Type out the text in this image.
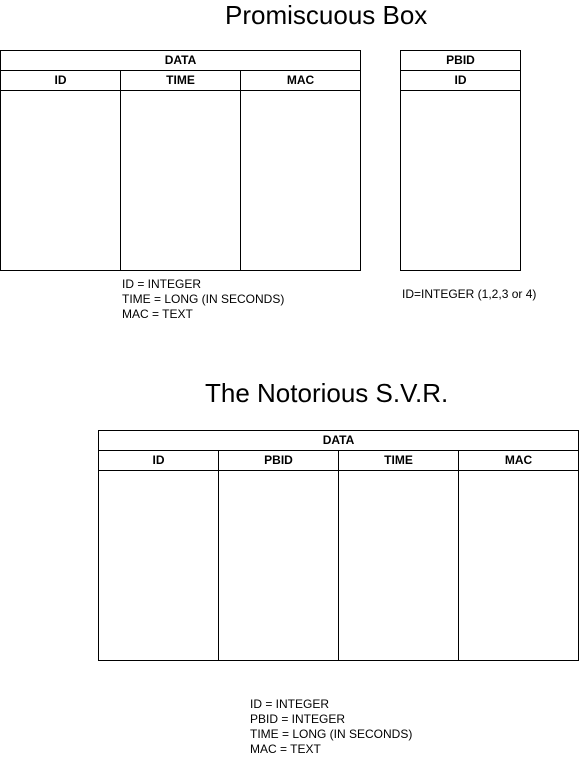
Promiscuous Box
DATA
ID	TIME	MAC
PBID
ID
ID = INTEGER
TIME = LONG (IN SECONDS)
MAC = TEXT
ID=INTEGER (1,2,3 or 4)
The Notorious S.V.R.
DATA
ID	PBID	TIME	MAC
ID = INTEGER
PBID = INTEGER
TIME = LONG (IN SECONDS)
MAC = TEXT
